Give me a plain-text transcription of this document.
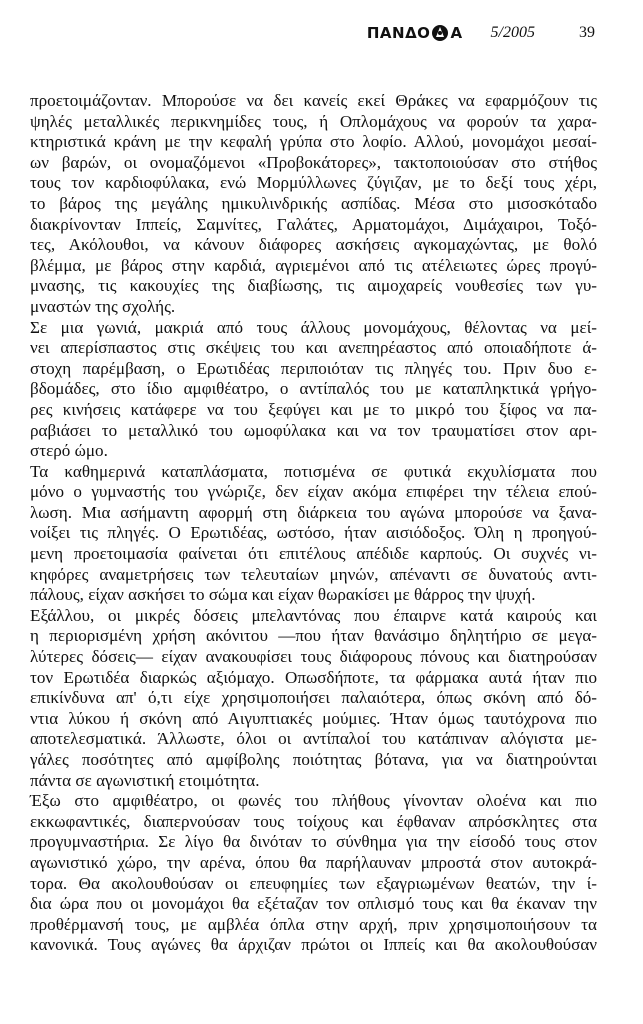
ΠΑΝΔΟ Α 5/2005	39
προετοιμάζονταν. Μπορούσε να δει κανείς εκεί Θράκες να εφαρμόζουν τις
ψηλές μεταλλικές περικνημίδες τους, ή Οπλομάχους να φορούν τα χαρα-
κτηριστικά κράνη με την κεφαλή γρύπα στο λοφίο. Αλλού, μονομάχοι μεσαί-
ων βαρών, οι ονομαζόμενοι «Προβοκάτορες», τακτοποιούσαν στο στήθος
τους τον καρδιοφύλακα, ενώ Μορμύλλωνες ζύγιζαν, με το δεξί τους χέρι,
το βάρος της μεγάλης ημικυλινδρικής ασπίδας. Μέσα στο μισοσκόταδο
διακρίνονταν Ιππείς, Σαμνίτες, Γαλάτες, Αρματομάχοι, Διμάχαιροι, Τοξό-
τες, Ακόλουθοι, να κάνουν διάφορες ασκήσεις αγκομαχώντας, με θολό
βλέμμα, με βάρος στην καρδιά, αγριεμένοι από τις ατέλειωτες ώρες προγύ-
μνασης, τις κακουχίες της διαβίωσης, τις αιμοχαρείς νουθεσίες των γυ-
μναστών της σχολής.
Σε μια γωνιά, μακριά από τους άλλους μονομάχους, θέλοντας να μεί-
νει απερίσπαστος στις σκέψεις του και ανεπηρέαστος από οποιαδήποτε ά-
στοχη παρέμβαση, ο Ερωτιδέας περιποιόταν τις πληγές του. Πριν δυο ε-
βδομάδες, στο ίδιο αμφιθέατρο, ο αντίπαλός του με καταπληκτικά γρήγο-
ρες κινήσεις κατάφερε να του ξεφύγει και με το μικρό του ξίφος να πα-
ραβιάσει το μεταλλικό του ωμοφύλακα και να τον τραυματίσει στον αρι-
στερό ώμο.
Τα καθημερινά καταπλάσματα, ποτισμένα σε φυτικά εκχυλίσματα που
μόνο ο γυμναστής του γνώριζε, δεν είχαν ακόμα επιφέρει την τέλεια επού-
λωση. Μια ασήμαντη αφορμή στη διάρκεια του αγώνα μπορούσε να ξανα-
νοίξει τις πληγές. Ο Ερωτιδέας, ωστόσο, ήταν αισιόδοξος. Όλη η προηγού-
μενη προετοιμασία φαίνεται ότι επιτέλους απέδιδε καρπούς. Οι συχνές νι-
κηφόρες αναμετρήσεις των τελευταίων μηνών, απέναντι σε δυνατούς αντι-
πάλους, είχαν ασκήσει το σώμα και είχαν θωρακίσει με θάρρος την ψυχή.
Εξάλλου, οι μικρές δόσεις μπελαντόνας που έπαιρνε κατά καιρούς και
η περιορισμένη χρήση ακόνιτου —που ήταν θανάσιμο δηλητήριο σε μεγα-
λύτερες δόσεις— είχαν ανακουφίσει τους διάφορους πόνους και διατηρούσαν
τον Ερωτιδέα διαρκώς αξιόμαχο. Οπωσδήποτε, τα φάρμακα αυτά ήταν πιο
επικίνδυνα απ' ό,τι είχε χρησιμοποιήσει παλαιότερα, όπως σκόνη από δό-
ντια λύκου ή σκόνη από Αιγυπτιακές μούμιες. Ήταν όμως ταυτόχρονα πιο
αποτελεσματικά. Άλλωστε, όλοι οι αντίπαλοί του κατάπιναν αλόγιστα με-
γάλες ποσότητες από αμφίβολης ποιότητας βότανα, για να διατηρούνται
πάντα σε αγωνιστική ετοιμότητα.
Έξω στο αμφιθέατρο, οι φωνές του πλήθους γίνονταν ολοένα και πιο
εκκωφαντικές, διαπερνούσαν τους τοίχους και έφθαναν απρόσκλητες στα
προγυμναστήρια. Σε λίγο θα δινόταν το σύνθημα για την είσοδό τους στον
αγωνιστικό χώρο, την αρένα, όπου θα παρήλαυναν μπροστά στον αυτοκρά-
τορα. Θα ακολουθούσαν οι επευφημίες των εξαγριωμένων θεατών, την ί-
δια ώρα που οι μονομάχοι θα εξέταζαν τον οπλισμό τους και θα έκαναν την
προθέρμανσή τους, με αμβλέα όπλα στην αρχή, πριν χρησιμοποιήσουν τα
κανονικά. Τους αγώνες θα άρχιζαν πρώτοι οι Ιππείς και θα ακολουθούσαν
